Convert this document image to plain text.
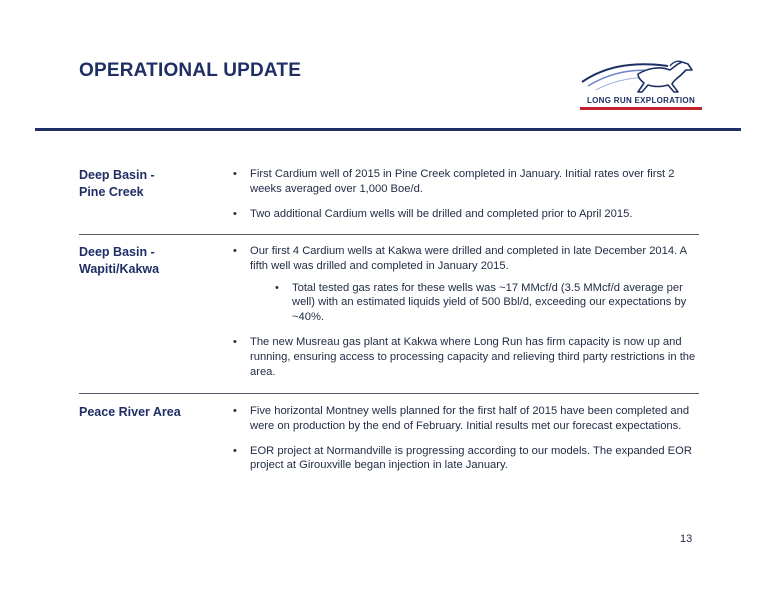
OPERATIONAL UPDATE
LONG RUN EXPLORATION
Deep Basin -
Pine Creek
• First Cardium well of 2015 in Pine Creek completed in January. Initial rates over first 2 weeks averaged over 1,000 Boe/d.
• Two additional Cardium wells will be drilled and completed prior to April 2015.
Deep Basin -
Wapiti/Kakwa
• Our first 4 Cardium wells at Kakwa were drilled and completed in late December 2014. A fifth well was drilled and completed in January 2015.
• Total tested gas rates for these wells was ~17 MMcf/d (3.5 MMcf/d average per well) with an estimated liquids yield of 500 Bbl/d, exceeding our expectations by ~40%.
• The new Musreau gas plant at Kakwa where Long Run has firm capacity is now up and running, ensuring access to processing capacity and relieving third party restrictions in the area.
Peace River Area	• Five horizontal Montney wells planned for the first half of 2015 have been completed and were on production by the end of February. Initial results met our forecast expectations.
• EOR project at Normandville is progressing according to our models. The expanded EOR project at Girouxville began injection in late January.
13
